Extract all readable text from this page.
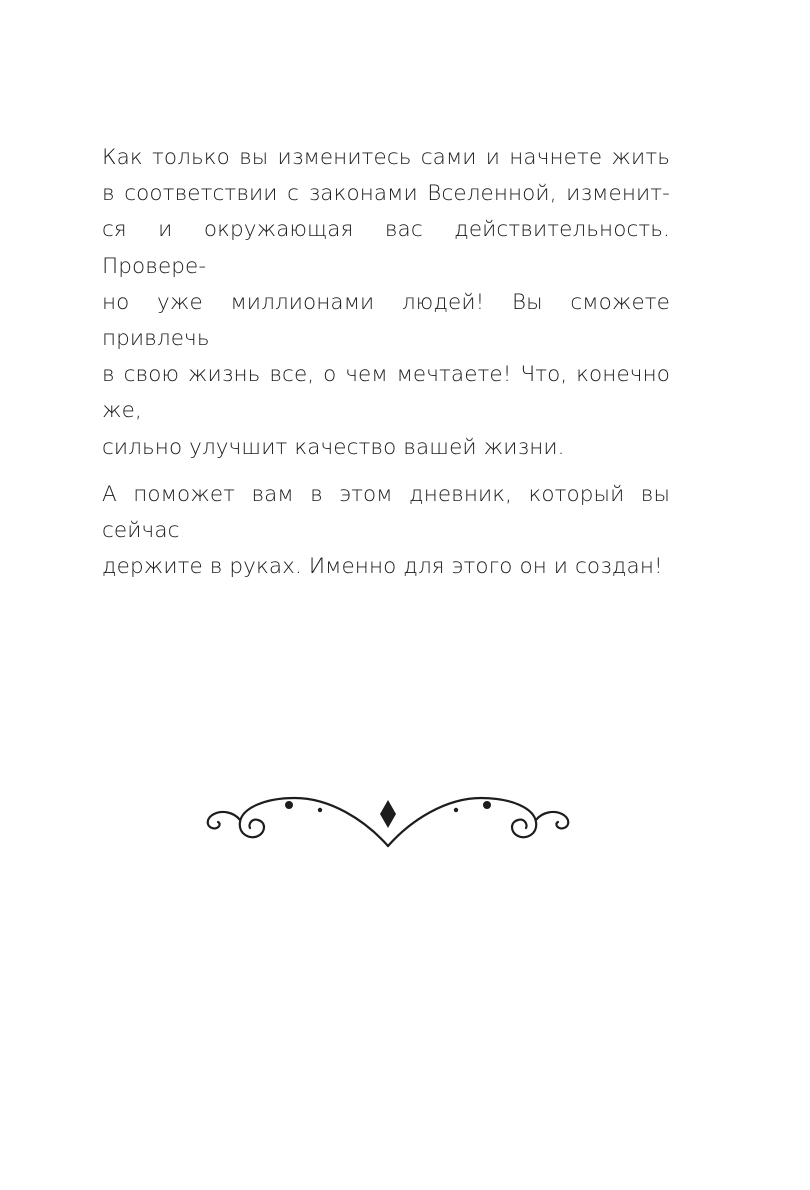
Как только вы изменитесь сами и начнете жить
в соответствии с законами Вселенной, изменит-
ся и окружающая вас действительность. Провере-
но уже миллионами людей! Вы сможете привлечь
в свою жизнь все, о чем мечтаете! Что, конечно же,
сильно улучшит качество вашей жизни.

А поможет вам в этом дневник, который вы сейчас
держите в руках. Именно для этого он и создан!
